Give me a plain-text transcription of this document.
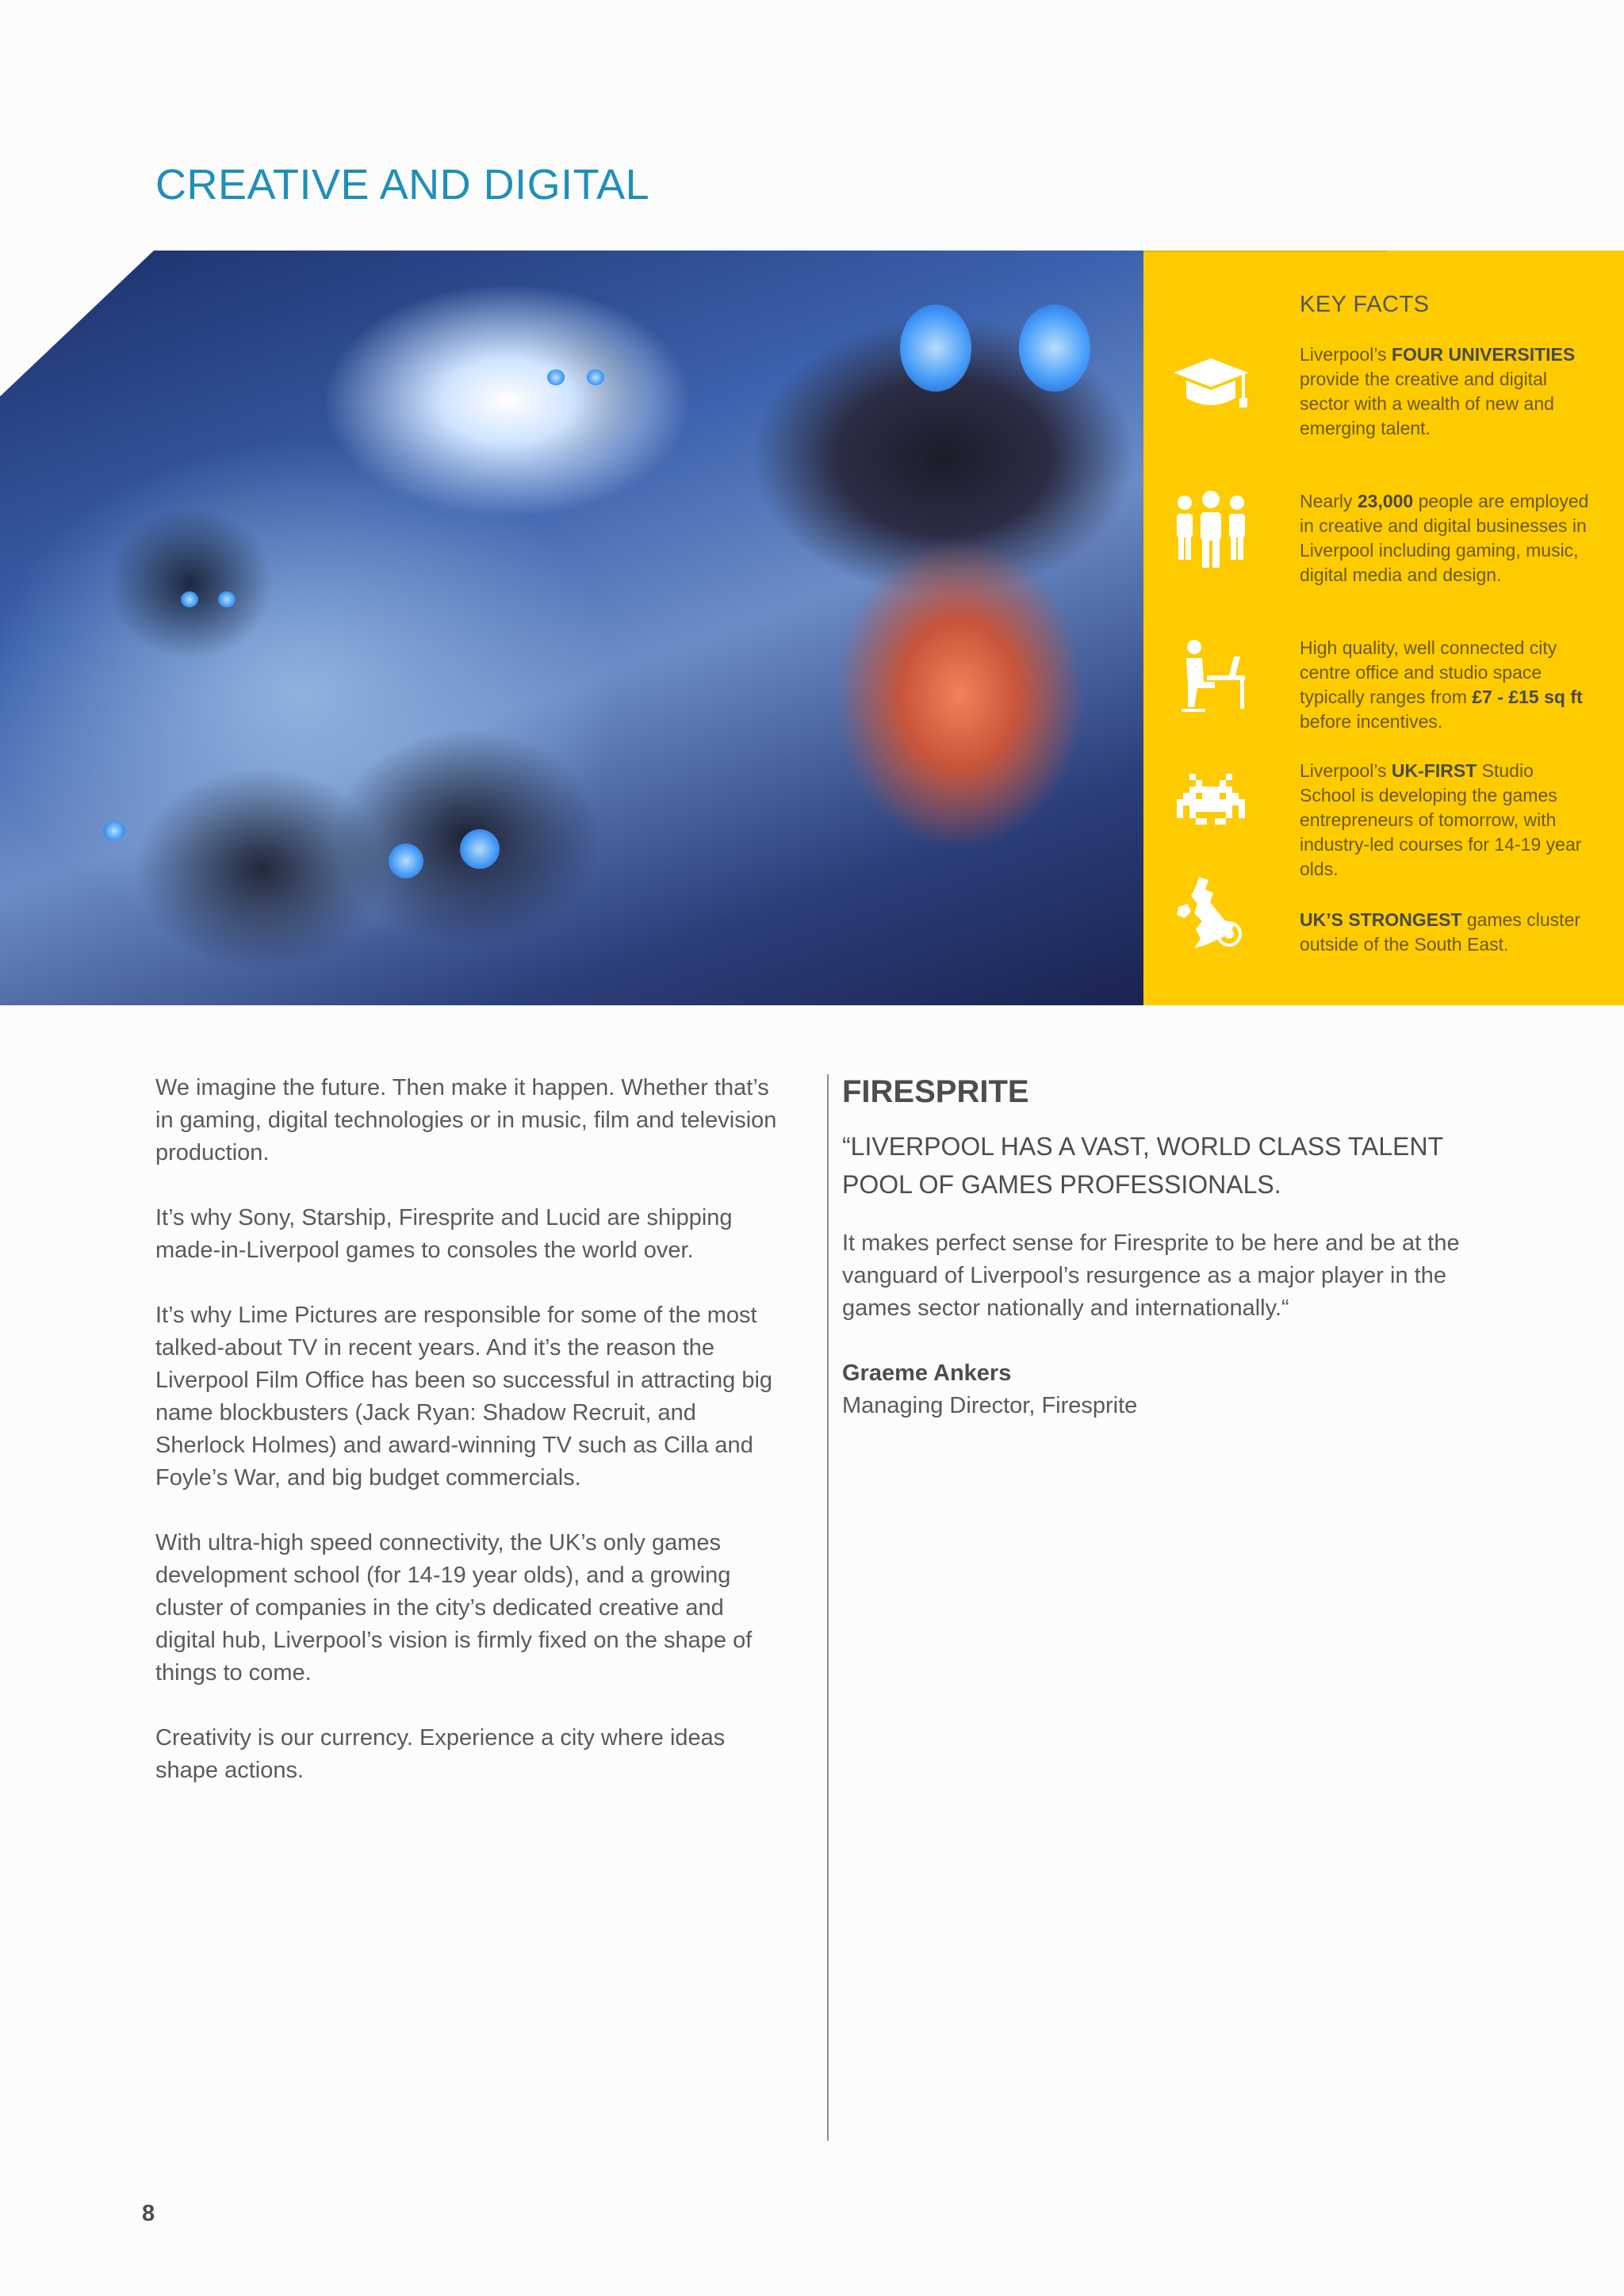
CREATIVE AND DIGITAL
KEY FACTS
Liverpool’s FOUR UNIVERSITIES provide the creative and digital sector with a wealth of new and emerging talent.
Nearly 23,000 people are employed in creative and digital businesses in Liverpool including gaming, music, digital media and design.
High quality, well connected city centre office and studio space typically ranges from £7 - £15 sq ft before incentives.
Liverpool’s UK-FIRST Studio School is developing the games entrepreneurs of tomorrow, with industry-led courses for 14-19 year olds.
UK’S STRONGEST games cluster outside of the South East.

We imagine the future. Then make it happen. Whether that’s in gaming, digital technologies or in music, film and television production.

It’s why Sony, Starship, Firesprite and Lucid are shipping made-in-Liverpool games to consoles the world over.

It’s why Lime Pictures are responsible for some of the most talked-about TV in recent years. And it’s the reason the Liverpool Film Office has been so successful in attracting big name blockbusters (Jack Ryan: Shadow Recruit, and Sherlock Holmes) and award-winning TV such as Cilla and Foyle’s War, and big budget commercials.

With ultra-high speed connectivity, the UK’s only games development school (for 14-19 year olds), and a growing cluster of companies in the city’s dedicated creative and digital hub, Liverpool’s vision is firmly fixed on the shape of things to come.

Creativity is our currency. Experience a city where ideas shape actions.

FIRESPRITE
“LIVERPOOL HAS A VAST, WORLD CLASS TALENT POOL OF GAMES PROFESSIONALS.
It makes perfect sense for Firesprite to be here and be at the vanguard of Liverpool’s resurgence as a major player in the games sector nationally and internationally.“
Graeme Ankers
Managing Director, Firesprite
8
